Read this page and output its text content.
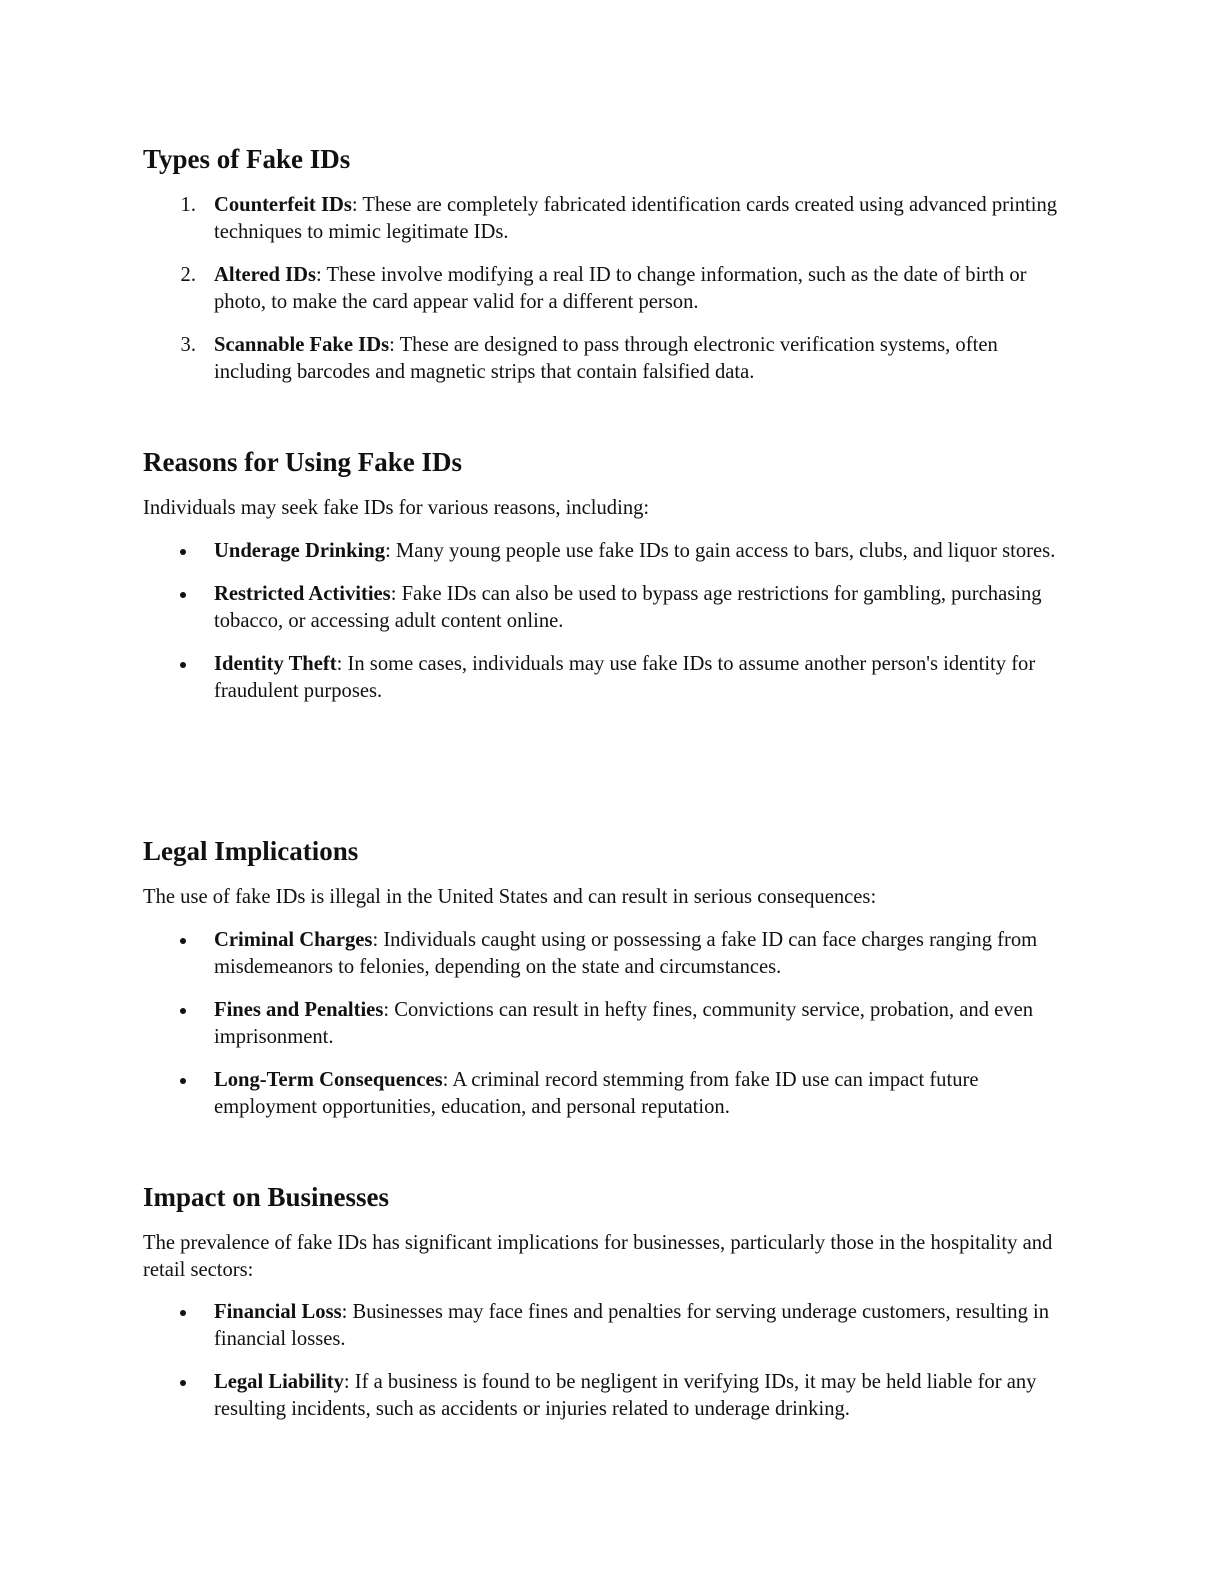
Types of Fake IDs
1. Counterfeit IDs: These are completely fabricated identification cards created using advanced printing techniques to mimic legitimate IDs.
2. Altered IDs: These involve modifying a real ID to change information, such as the date of birth or photo, to make the card appear valid for a different person.
3. Scannable Fake IDs: These are designed to pass through electronic verification systems, often including barcodes and magnetic strips that contain falsified data.
Reasons for Using Fake IDs

Individuals may seek fake IDs for various reasons, including:

Underage Drinking: Many young people use fake IDs to gain access to bars, clubs, and liquor stores.
Restricted Activities: Fake IDs can also be used to bypass age restrictions for gambling, purchasing tobacco, or accessing adult content online.
Identity Theft: In some cases, individuals may use fake IDs to assume another person's identity for fraudulent purposes.
Legal Implications

The use of fake IDs is illegal in the United States and can result in serious consequences:

Criminal Charges: Individuals caught using or possessing a fake ID can face charges ranging from misdemeanors to felonies, depending on the state and circumstances.
Fines and Penalties: Convictions can result in hefty fines, community service, probation, and even imprisonment.
Long-Term Consequences: A criminal record stemming from fake ID use can impact future employment opportunities, education, and personal reputation.
Impact on Businesses

The prevalence of fake IDs has significant implications for businesses, particularly those in the hospitality and retail sectors:

Financial Loss: Businesses may face fines and penalties for serving underage customers, resulting in financial losses.
Legal Liability: If a business is found to be negligent in verifying IDs, it may be held liable for any resulting incidents, such as accidents or injuries related to underage drinking.
